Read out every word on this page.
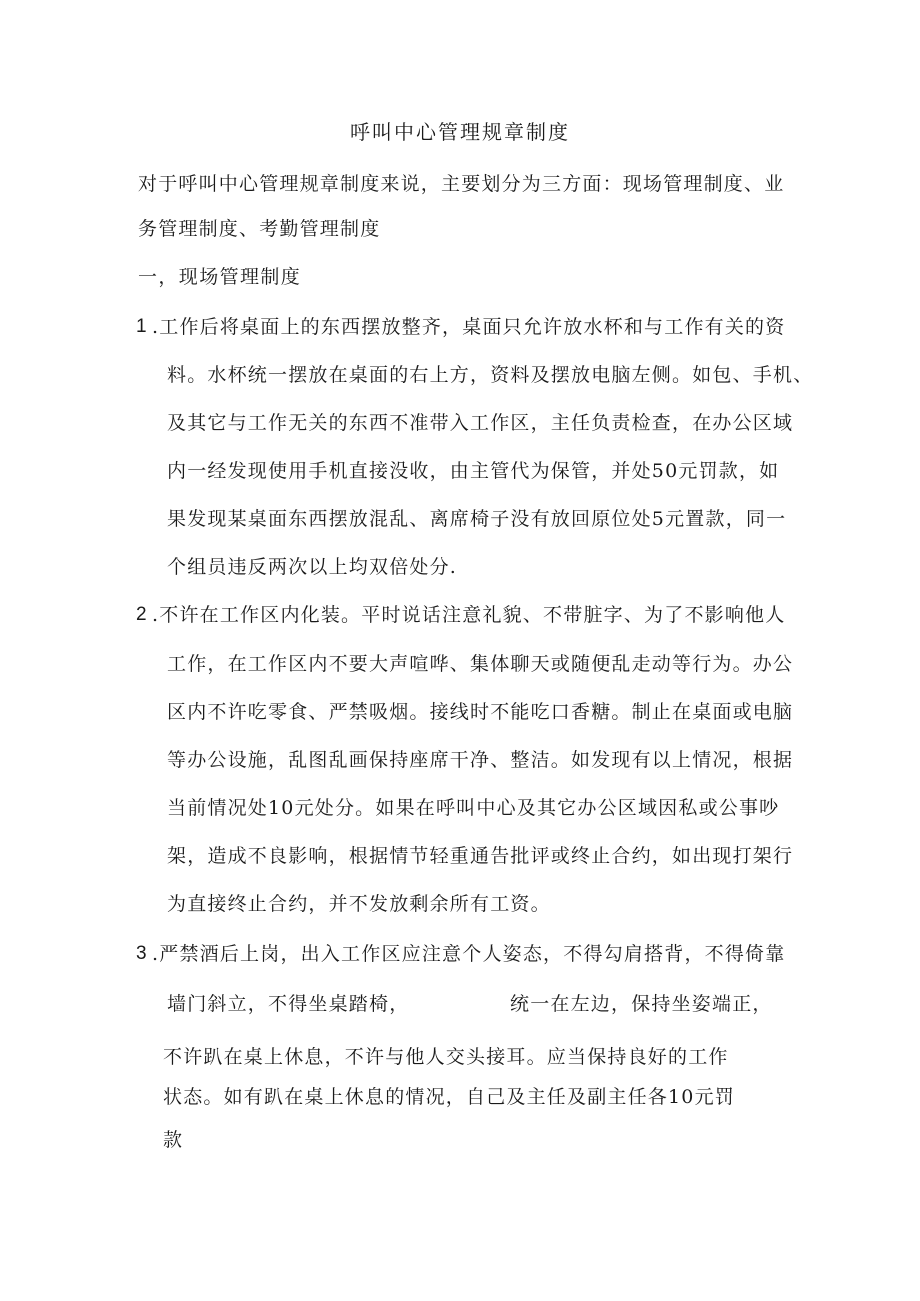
呼叫中心管理规章制度
对于呼叫中心管理规章制度来说，主要划分为三方面：现场管理制度、业
务管理制度、考勤管理制度
一，现场管理制度
1 .工作后将桌面上的东西摆放整齐，桌面只允许放水杯和与工作有关的资
料。水杯统一摆放在桌面的右上方，资料及摆放电脑左侧。如包、手机、
及其它与工作无关的东西不准带入工作区，主任负责检查，在办公区域
内一经发现使用手机直接没收，由主管代为保管，并处50元罚款，如
果发现某桌面东西摆放混乱、离席椅子没有放回原位处5元置款，同一
个组员违反两次以上均双倍处分.
2 .不许在工作区内化装。平时说话注意礼貌、不带脏字、为了不影响他人
工作，在工作区内不要大声喧哗、集体聊天或随便乱走动等行为。办公
区内不许吃零食、严禁吸烟。接线时不能吃口香糖。制止在桌面或电脑
等办公设施，乱图乱画保持座席干净、整洁。如发现有以上情况，根据
当前情况处10元处分。如果在呼叫中心及其它办公区域因私或公事吵
架，造成不良影响，根据情节轻重通告批评或终止合约，如出现打架行
为直接终止合约，并不发放剩余所有工资。
3 .严禁酒后上岗，出入工作区应注意个人姿态，不得勾肩搭背，不得倚靠
墙门斜立，不得坐桌踏椅，	统一在左边，保持坐姿端正，
不许趴在桌上休息，不许与他人交头接耳。应当保持良好的工作
状态。如有趴在桌上休息的情况，自己及主任及副主任各10元罚
款
